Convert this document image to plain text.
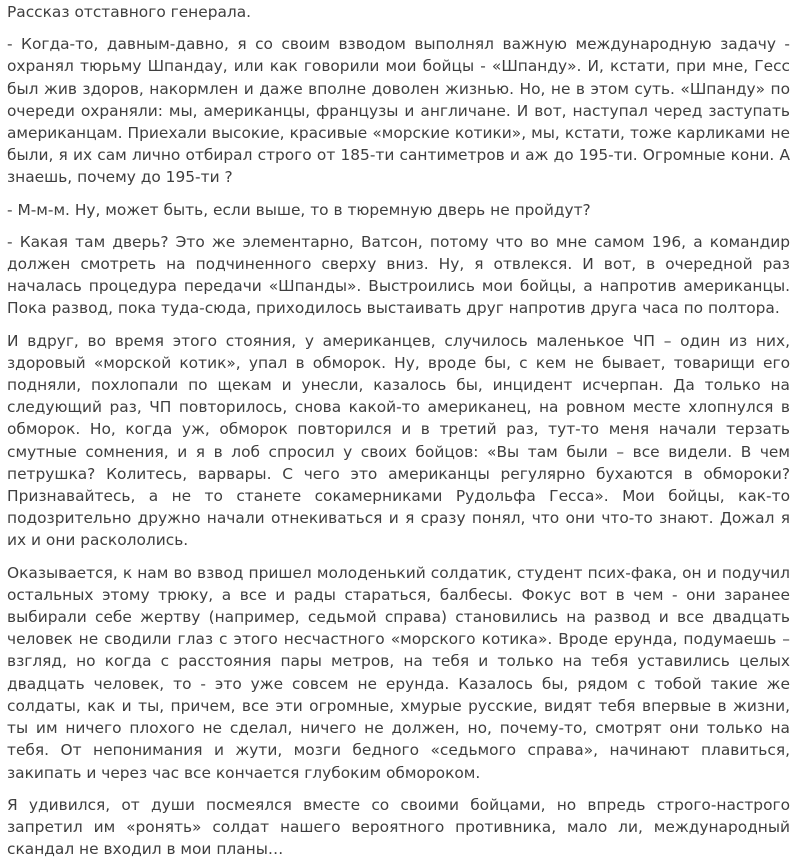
Рассказ отставного генерала.

- Когда-то, давным-давно, я со своим взводом выполнял важную международную задачу - охранял тюрьму Шпандау, или как говорили мои бойцы - «Шпанду». И, кстати, при мне, Гесс был жив здоров, накормлен и даже вполне доволен жизнью. Но, не в этом суть. «Шпанду» по очереди охраняли: мы, американцы, французы и англичане. И вот, наступал черед заступать американцам. Приехали высокие, красивые «морские котики», мы, кстати, тоже карликами не были, я их сам лично отбирал строго от 185-ти сантиметров и аж до 195-ти. Огромные кони. А знаешь, почему до 195-ти ?

- М-м-м. Ну, может быть, если выше, то в тюремную дверь не пройдут?

- Какая там дверь? Это же элементарно, Ватсон, потому что во мне самом 196, а командир должен смотреть на подчиненного сверху вниз. Ну, я отвлекся. И вот, в очередной раз началась процедура передачи «Шпанды». Выстроились мои бойцы, а напротив американцы. Пока развод, пока туда-сюда, приходилось выстаивать друг напротив друга часа по полтора.

И вдруг, во время этого стояния, у американцев, случилось маленькое ЧП – один из них, здоровый «морской котик», упал в обморок. Ну, вроде бы, с кем не бывает, товарищи его подняли, похлопали по щекам и унесли, казалось бы, инцидент исчерпан. Да только на следующий раз, ЧП повторилось, снова какой-то американец, на ровном месте хлопнулся в обморок. Но, когда уж, обморок повторился и в третий раз, тут-то меня начали терзать смутные сомнения, и я в лоб спросил у своих бойцов: «Вы там были – все видели. В чем петрушка? Колитесь, варвары. С чего это американцы регулярно бухаются в обмороки? Признавайтесь, а не то станете сокамерниками Рудольфа Гесса». Мои бойцы, как-то подозрительно дружно начали отнекиваться и я сразу понял, что они что-то знают. Дожал я их и они раскололись.

Оказывается, к нам во взвод пришел молоденький солдатик, студент псих-факa, он и подучил остальных этому трюку, а все и рады стараться, балбесы. Фокус вот в чем - они заранее выбирали себе жертву (например, седьмой справа) становились на развод и все двадцать человек не сводили глаз с этого несчастного «морского котика». Вроде ерунда, подумаешь – взгляд, но когда с расстояния пары метров, на тебя и только на тебя уставились целых двадцать человек, то - это уже совсем не ерунда. Казалось бы, рядом с тобой такие же солдаты, как и ты, причем, все эти огромные, хмурые русские, видят тебя впервые в жизни, ты им ничего плохого не сделал, ничего не должен, но, почему-то, смотрят они только на тебя. От непонимания и жути, мозги бедного «седьмого справа», начинают плавиться, закипать и через час все кончается глубоким обмороком.

Я удивился, от души посмеялся вместе со своими бойцами, но впредь строго-настрого запретил им «ронять» солдат нашего вероятного противника, мало ли, международный скандал не входил в мои планы…
